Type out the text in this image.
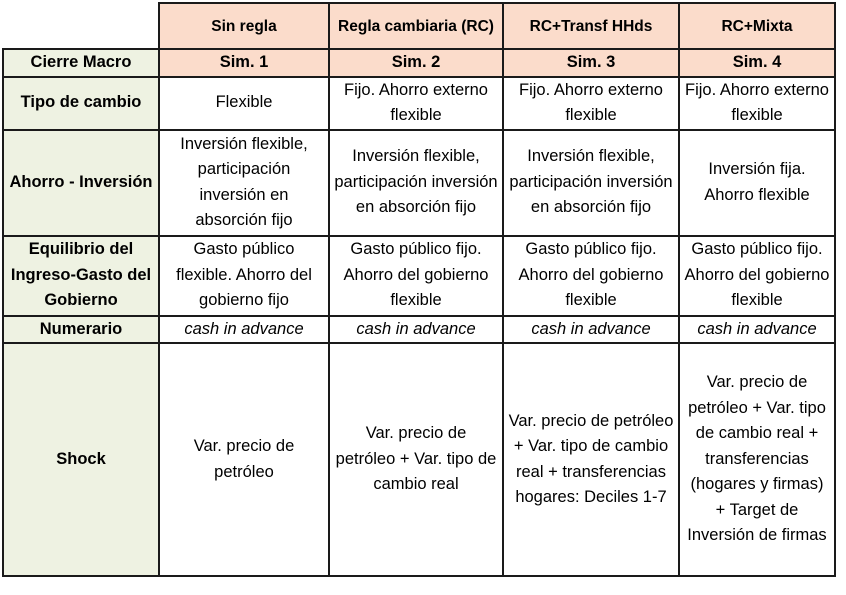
	Sin regla	Regla cambiaria (RC)	RC+Transf HHds	RC+Mixta
Cierre Macro	Sim. 1	Sim. 2	Sim. 3	Sim. 4
Tipo de cambio	Flexible	Fijo. Ahorro externo flexible	Fijo. Ahorro externo flexible	Fijo. Ahorro externo flexible
Ahorro - Inversión	Inversión flexible, participación inversión en absorción fijo	Inversión flexible, participación inversión en absorción fijo	Inversión flexible, participación inversión en absorción fijo	Inversión fija. Ahorro flexible
Equilibrio del Ingreso-Gasto del Gobierno	Gasto público flexible. Ahorro del gobierno fijo	Gasto público fijo. Ahorro del gobierno flexible	Gasto público fijo. Ahorro del gobierno flexible	Gasto público fijo. Ahorro del gobierno flexible
Numerario	cash in advance	cash in advance	cash in advance	cash in advance
Shock	Var. precio de petróleo	Var. precio de petróleo + Var. tipo de cambio real	Var. precio de petróleo + Var. tipo de cambio real + transferencias hogares: Deciles 1-7	Var. precio de petróleo + Var. tipo de cambio real + transferencias (hogares y firmas) + Target de Inversión de firmas
